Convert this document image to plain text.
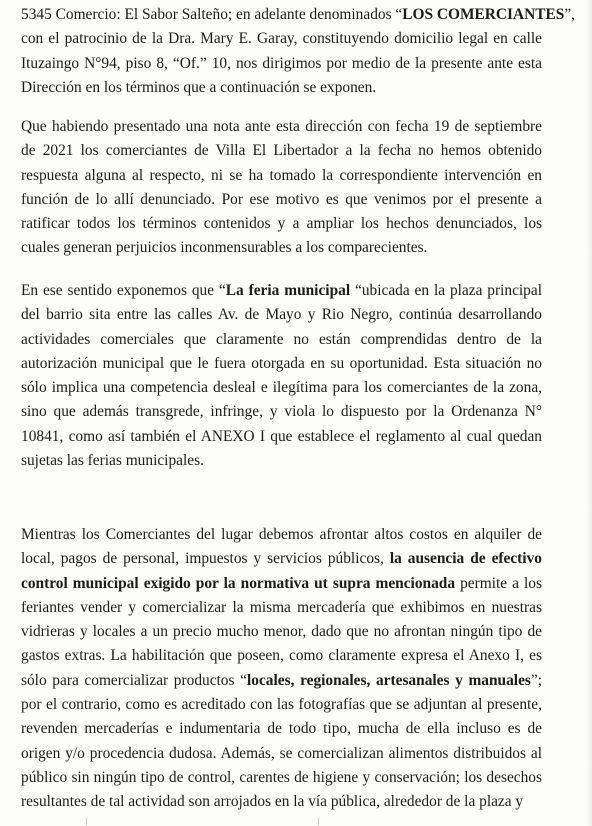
5345 Comercio: El Sabor Salteño; en adelante denominados “LOS COMERCIANTES”,
con el patrocinio de la Dra. Mary E. Garay, constituyendo domicilio legal en calle
Ituzaingo N°94, piso 8, “Of.” 10, nos dirigimos por medio de la presente ante esta
Dirección en los términos que a continuación se exponen.
Que habiendo presentado una nota ante esta dirección con fecha 19 de septiembre
de 2021 los comerciantes de Villa El Libertador a la fecha no hemos obtenido
respuesta alguna al respecto, ni se ha tomado la correspondiente intervención en
función de lo allí denunciado. Por ese motivo es que venimos por el presente a
ratificar todos los términos contenidos y a ampliar los hechos denunciados, los
cuales generan perjuicios inconmensurables a los comparecientes.
En ese sentido exponemos que “La feria municipal “ubicada en la plaza principal
del barrio sita entre las calles Av. de Mayo y Rio Negro, continúa desarrollando
actividades comerciales que claramente no están comprendidas dentro de la
autorización municipal que le fuera otorgada en su oportunidad. Esta situación no
sólo implica una competencia desleal e ilegítima para los comerciantes de la zona,
sino que además transgrede, infringe, y viola lo dispuesto por la Ordenanza N°
10841, como así también el ANEXO I que establece el reglamento al cual quedan
sujetas las ferias municipales.
Mientras los Comerciantes del lugar debemos afrontar altos costos en alquiler de
local, pagos de personal, impuestos y servicios públicos, la ausencia de efectivo
control municipal exigido por la normativa ut supra mencionada permite a los
feriantes vender y comercializar la misma mercadería que exhibimos en nuestras
vidrieras y locales a un precio mucho menor, dado que no afrontan ningún tipo de
gastos extras. La habilitación que poseen, como claramente expresa el Anexo I, es
sólo para comercializar productos “locales, regionales, artesanales y manuales”;
por el contrario, como es acreditado con las fotografías que se adjuntan al presente,
revenden mercaderías e indumentaria de todo tipo, mucha de ella incluso es de
origen y/o procedencia dudosa. Además, se comercializan alimentos distribuidos al
público sin ningún tipo de control, carentes de higiene y conservación; los desechos
resultantes de tal actividad son arrojados en la vía pública, alrededor de la plaza y
